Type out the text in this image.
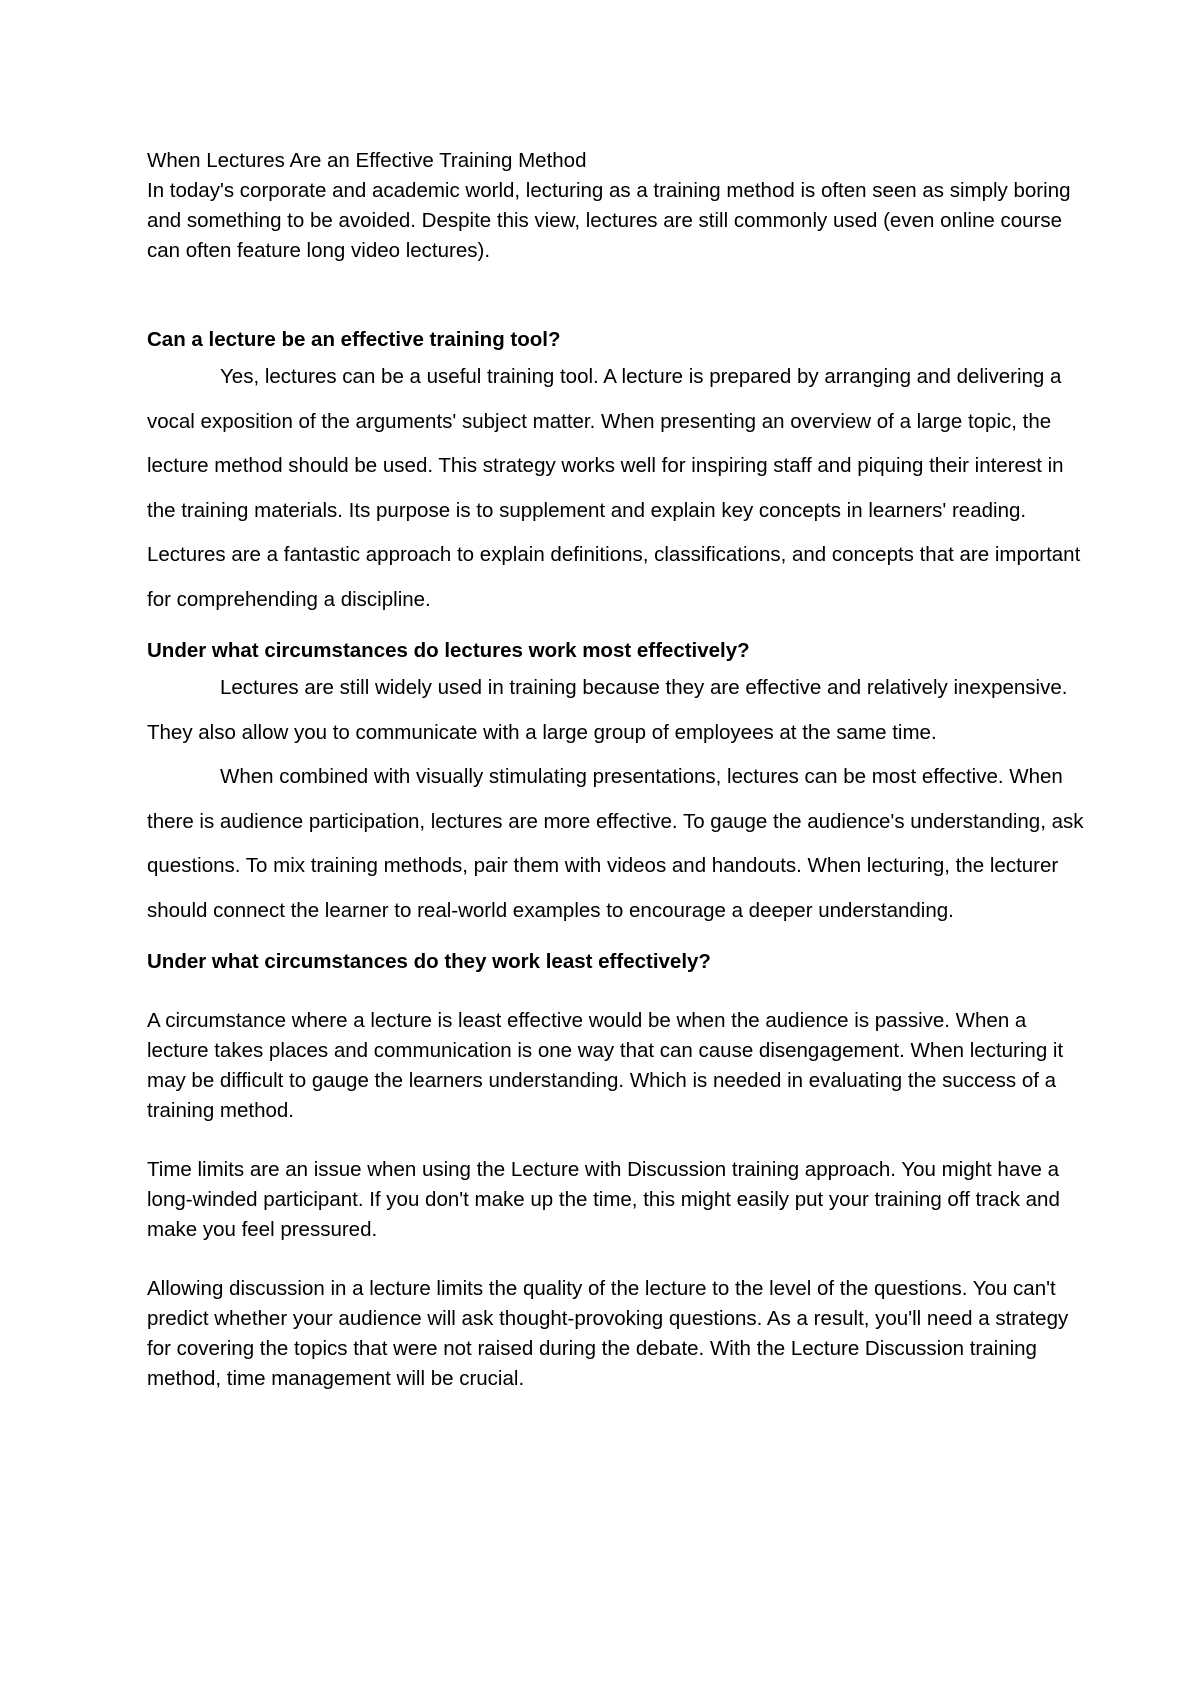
When Lectures Are an Effective Training Method

In today's corporate and academic world, lecturing as a training method is often seen as simply boring and something to be avoided. Despite this view, lectures are still commonly used (even online course can often feature long video lectures).

Can a lecture be an effective training tool?

Yes, lectures can be a useful training tool. A lecture is prepared by arranging and delivering a vocal exposition of the arguments' subject matter. When presenting an overview of a large topic, the lecture method should be used. This strategy works well for inspiring staff and piquing their interest in the training materials. Its purpose is to supplement and explain key concepts in learners' reading. Lectures are a fantastic approach to explain definitions, classifications, and concepts that are important for comprehending a discipline.

Under what circumstances do lectures work most effectively?

Lectures are still widely used in training because they are effective and relatively inexpensive. They also allow you to communicate with a large group of employees at the same time.

When combined with visually stimulating presentations, lectures can be most effective. When there is audience participation, lectures are more effective. To gauge the audience's understanding, ask questions. To mix training methods, pair them with videos and handouts. When lecturing, the lecturer should connect the learner to real-world examples to encourage a deeper understanding.

Under what circumstances do they work least effectively?

A circumstance where a lecture is least effective would be when the audience is passive. When a lecture takes places and communication is one way that can cause disengagement. When lecturing it may be difficult to gauge the learners understanding. Which is needed in evaluating the success of a training method.

Time limits are an issue when using the Lecture with Discussion training approach. You might have a long-winded participant. If you don't make up the time, this might easily put your training off track and make you feel pressured.

Allowing discussion in a lecture limits the quality of the lecture to the level of the questions. You can't predict whether your audience will ask thought-provoking questions. As a result, you'll need a strategy for covering the topics that were not raised during the debate. With the Lecture Discussion training method, time management will be crucial.
